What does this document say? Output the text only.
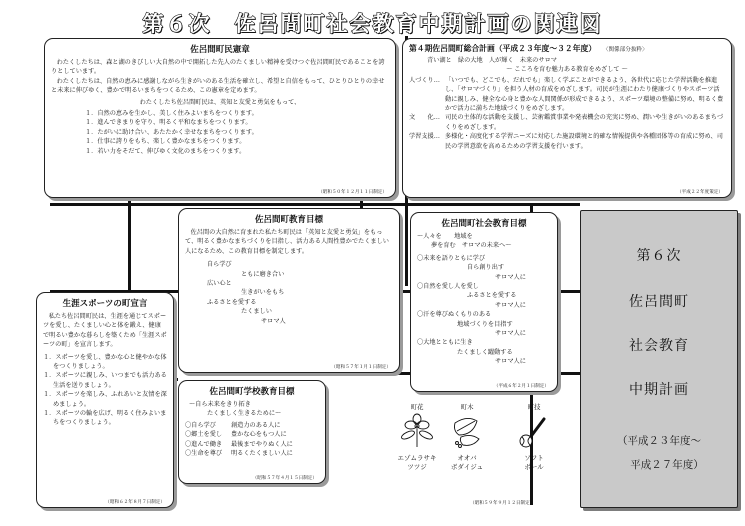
第６次　佐呂間町社会教育中期計画の関連図
佐呂間町民憲章

わたくしたちは、森と湖のきびしい大自然の中で開拓した先人のたくましい精神を受けつぐ佐呂間町民であることを誇りとしています。

わたくしたちは、自然の恵みに感謝しながら生きがいのある生活を確立し、希望と自信をもって、ひとりひとりの幸せと未来に伸びゆく、豊かで明るいまちをつくるため、この憲章を定めます。

わたくしたち佐呂間町民は、英知と友愛と勇気をもって、

１．自然の恵みを生かし、美しく住みよいまちをつくります。
１．進んできまりを守り、明るく平和なまちをつくります。
１．たがいに助け合い、あたたかく幸せなまちをつくります。
１．仕事に誇りをもち、楽しく豊かなまちをつくります。
１．若い力をそだて、伸びゆく文化のまちをつくります。
（昭和５０年１２月１１日制定）
第４期佐呂間町総合計画（平成２３年度〜３２年度） 〈関係部分抜粋〉
青い湖と　緑の大地　人が輝く　未来のサロマ
〜 こころを育む魅力ある教育をめざして 〜
人づくり… 「いつでも、どこでも、だれでも」楽しく学ぶことができるよう、各世代に応じた学習活動を推進し、「サロマづくり」を担う人材の育成をめざします。司民が生涯にわたり健康づくりやスポーツ活動に親しみ、健全な心身と豊かな人間関係が形成できるよう、スポーツ環境の整備に努め、明るく豊かで活力に満ちた地域づくりをめざします。
文　　化… 司民の主体的な活動を支援し、芸術鑑賞事業や発表機会の充実に努め、潤いや生きがいのあるまちづくりをめざします。
学習支援… 多様化・高度化する学習ニーズに対応した施設環境と的確な情報提供や各種団体等の育成に努め、司民の学習意欲を高めるための学習支援を行います。
（平成２２年度策定）
佐呂間町教育目標

佐呂間の大自然に育まれた私たち町民は「英知と友愛と勇気」をもって、明るく豊かなまちづくりを目指し、活力ある人間性豊かでたくましい人になるため、この教育目標を制定します。

自ら学び
ともに磨き合い
広い心と
生きがいをもち
ふるさとを愛する
たくましい
サロマ人
（昭和５７年１月１日制定）
佐呂間町社会教育目標
〜人々を　　地域を
夢を育む　サロマの未来へ〜
〇未来を語りともに学び
自ら創り出す
サロマ人に
〇自然を愛し人を愛し
ふるさとを愛する
サロマ人に
〇汗を尊びぬくもりのある
地域づくりを目指す
サロマ人に
〇大地とともに生き
たくましく躍動する
サロマ人に
（平成６年２月１日制定）
生涯スポーツの町宣言

私たち佐呂間町民は、生涯を通じてスポーツを愛し、たくましい心と体を鍛え、健康で明るい豊かな暮らしを築くため「生涯スポーツの町」を宣言します。

１．スポーツを愛し、豊かな心と健やかな体をつくりましょう。

１．スポーツに親しみ、いつまでも活力ある生活を送りましょう。

１．スポーツを楽しみ、ふれあいと友情を深めましょう。

１．スポーツの輪を広げ、明るく住みよいまちをつくりましょう。

（昭和６２年８月７日制定）
佐呂間町学校教育目標
〜自ら未来をきり拓き
たくましく生きるために〜
〇自ら学び	創造力のある人に
〇郷土を愛し	豊かな心をもつ人に
〇進んで働き	最後までやりぬく人に
〇生命を尊び	明るくたくましい人に
（昭和５７年４月１５日制定）
町花
エゾムラサキ
ツツジ
町木
オオバ
ボダイジュ
町技
ソフト
ボール
（昭和５９年９月１２日制定）
第６次
佐呂間町
社会教育
中期計画
（平成２３年度〜
平成２７年度）
